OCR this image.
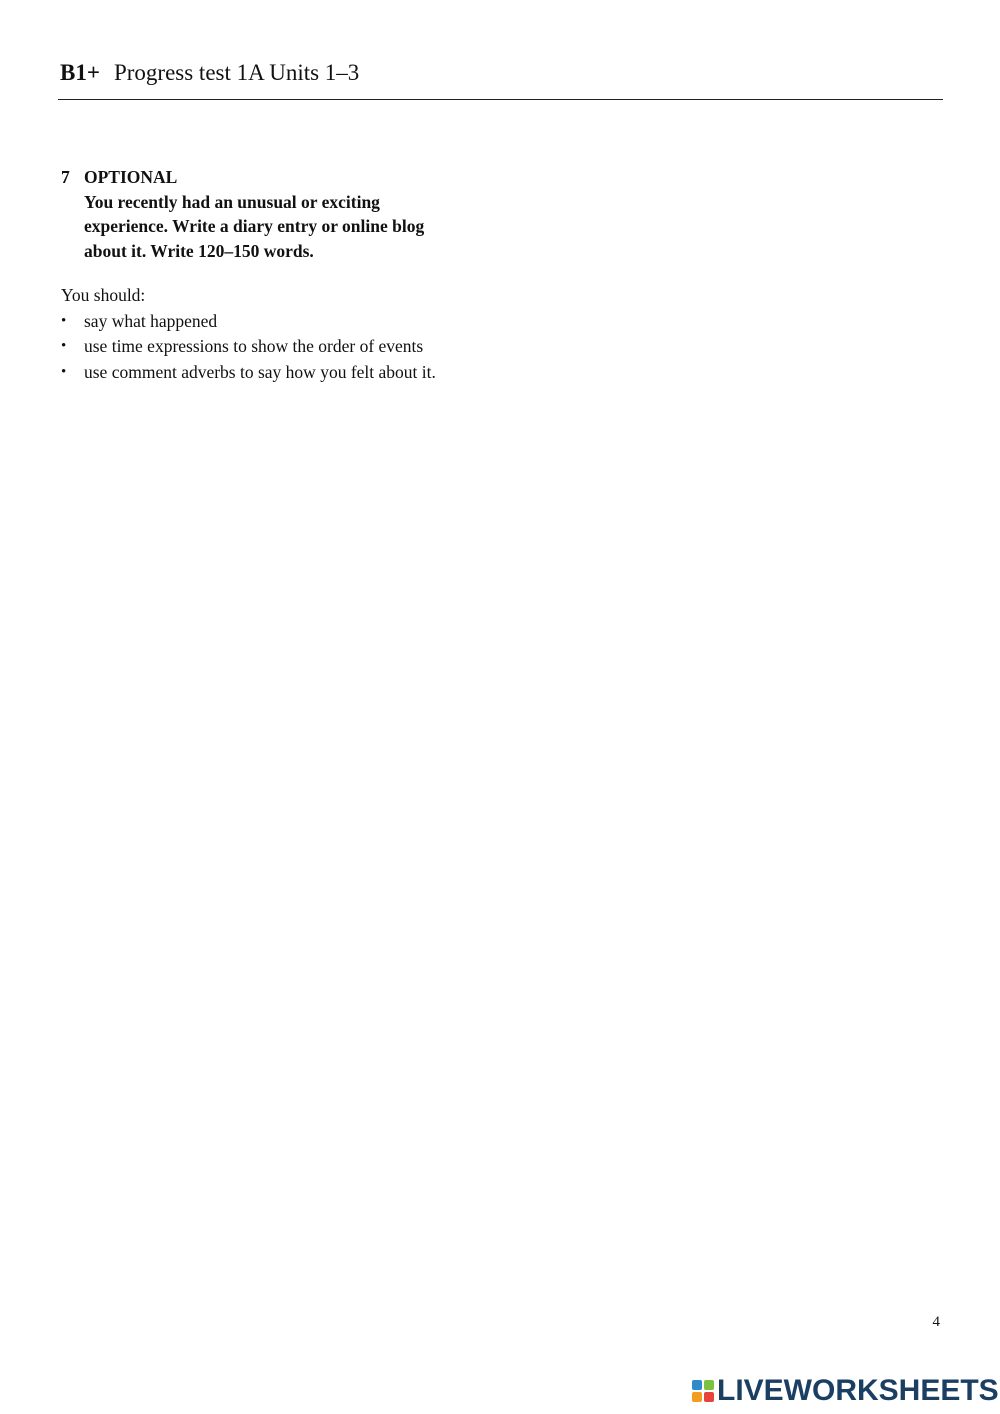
B1+ Progress test 1A Units 1–3
7 OPTIONAL
You recently had an unusual or exciting
experience. Write a diary entry or online blog
about it. Write 120–150 words.
You should:
• say what happened
• use time expressions to show the order of events
• use comment adverbs to say how you felt about it.
4
LIVEWORKSHEETS
